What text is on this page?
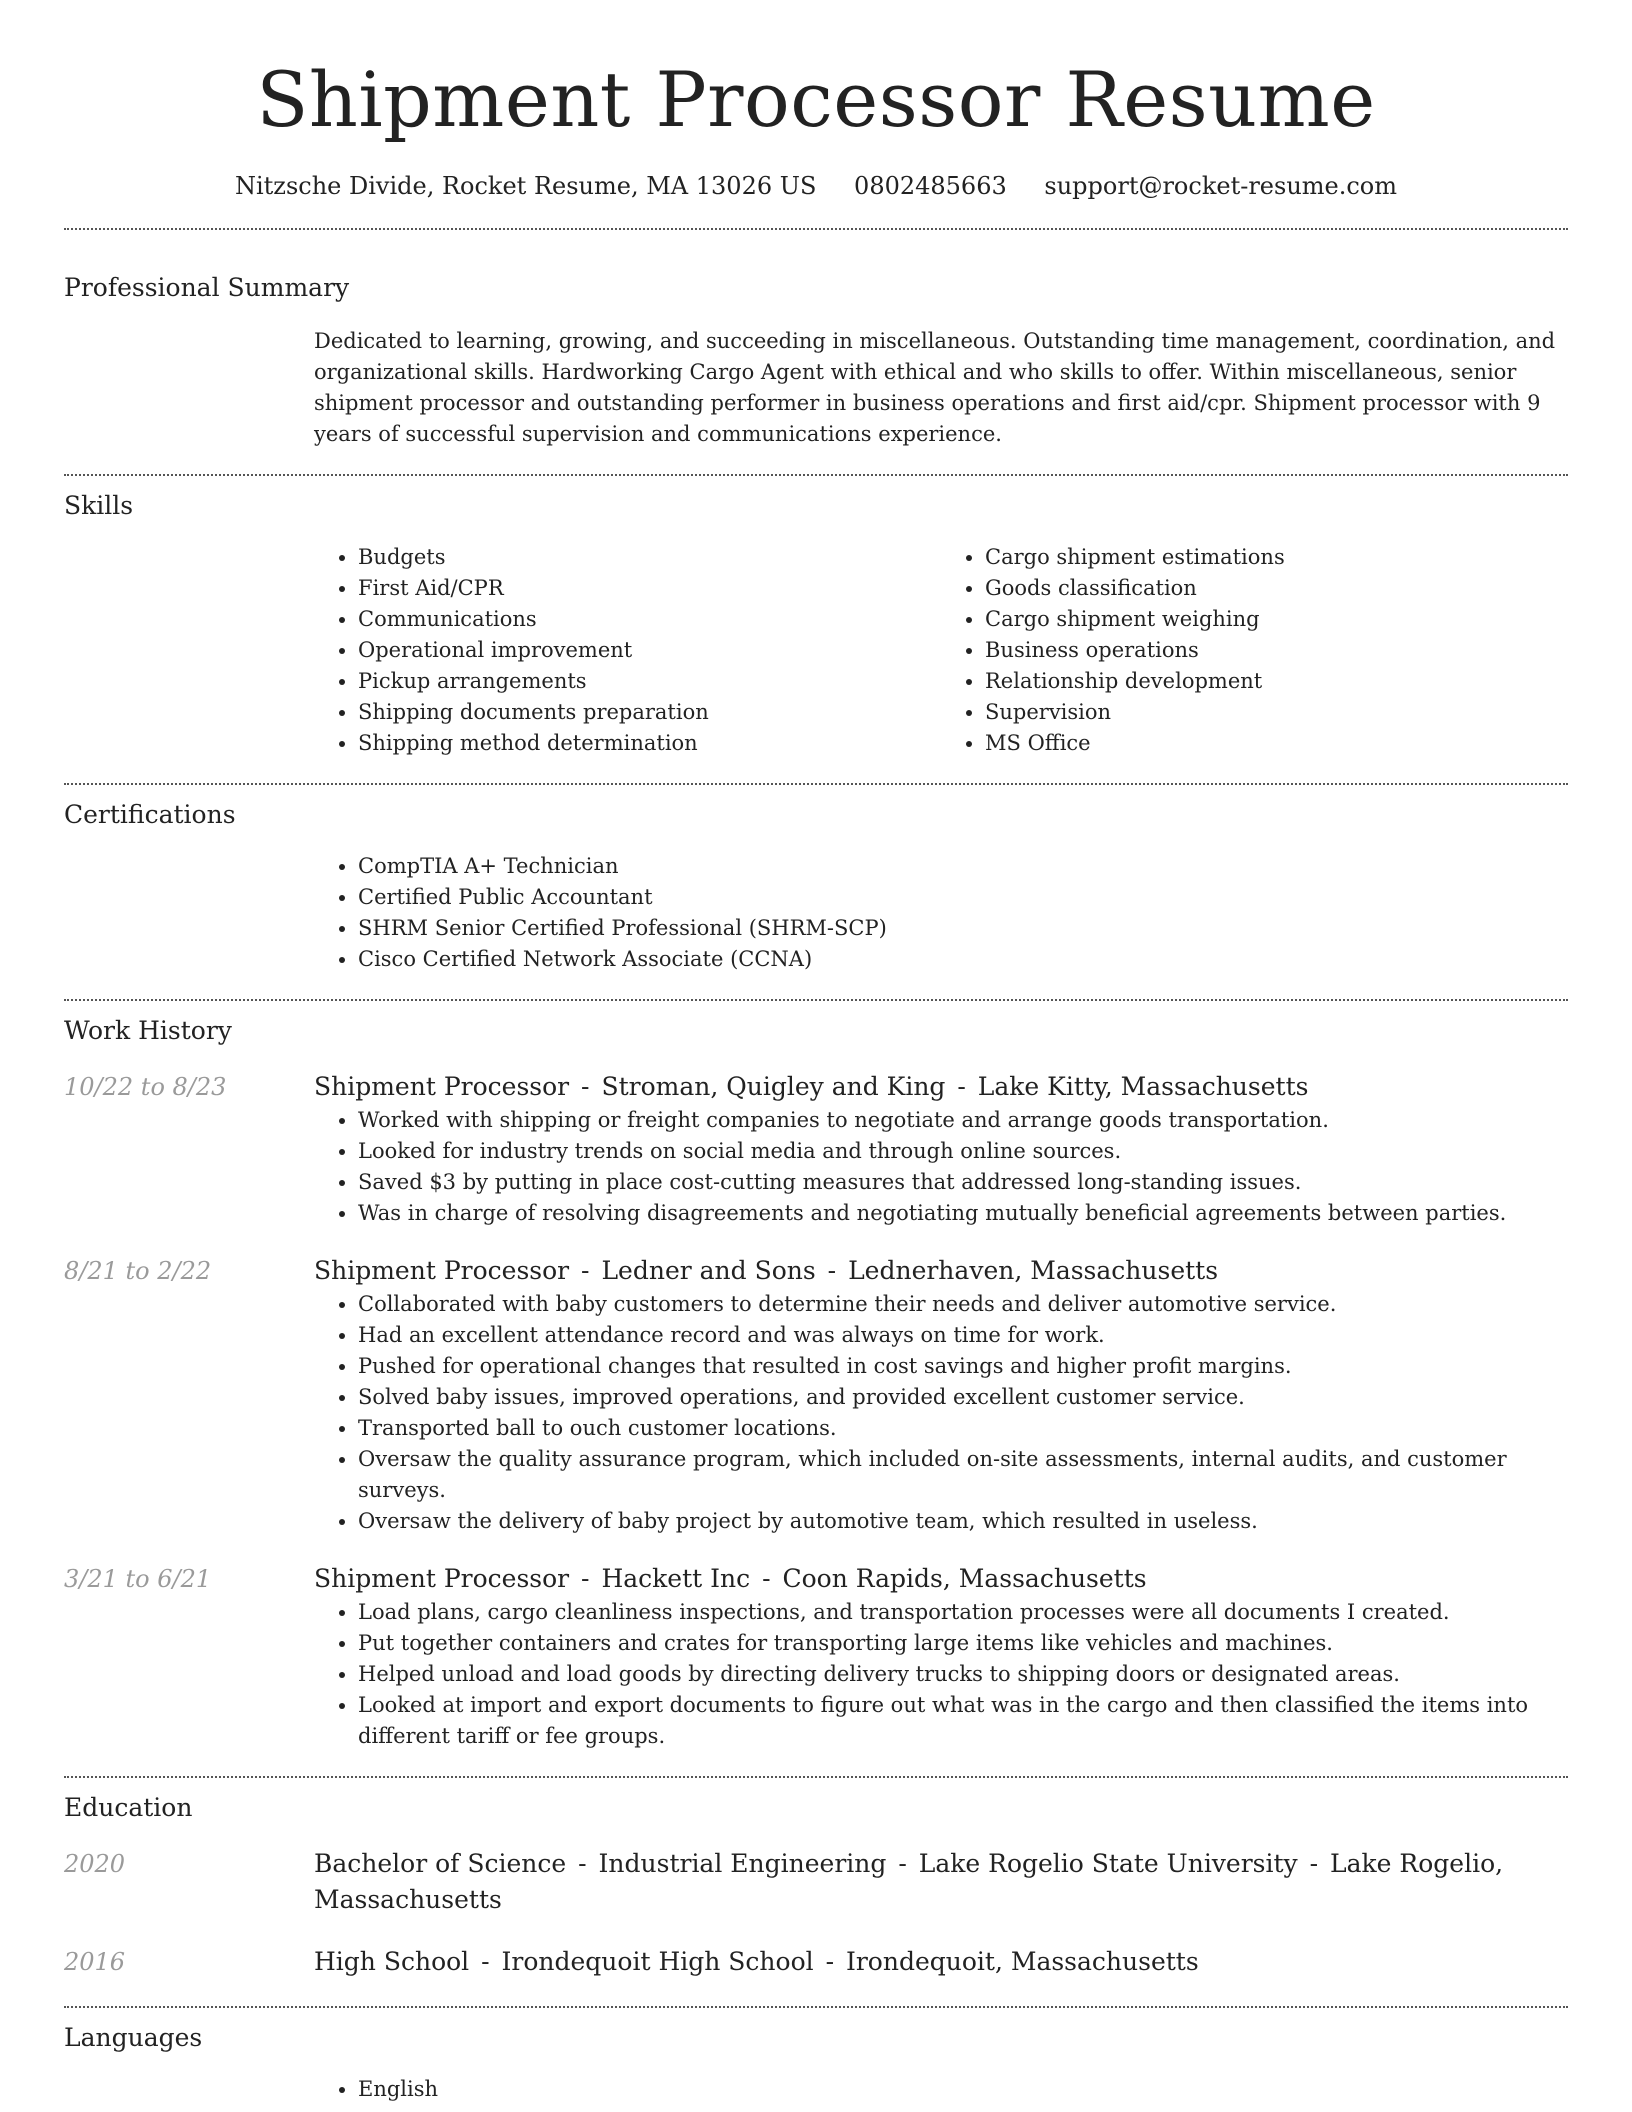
Shipment Processor Resume
Nitzsche Divide, Rocket Resume, MA 13026 US 0802485663 support@rocket-resume.com
Professional Summary

Dedicated to learning, growing, and succeeding in miscellaneous. Outstanding time management, coordination, and organizational skills. Hardworking Cargo Agent with ethical and who skills to offer. Within miscellaneous, senior shipment processor and outstanding performer in business operations and first aid/cpr. Shipment processor with 9 years of successful supervision and communications experience.

Skills
• Budgets
• First Aid/CPR
• Communications
• Operational improvement
• Pickup arrangements
• Shipping documents preparation
• Shipping method determination
• Cargo shipment estimations
• Goods classification
• Cargo shipment weighing
• Business operations
• Relationship development
• Supervision
• MS Office
Certifications
• CompTIA A+ Technician
• Certified Public Accountant
• SHRM Senior Certified Professional (SHRM-SCP)
• Cisco Certified Network Associate (CCNA)
Work History
10/22 to 8/23	Shipment Processor - Stroman, Quigley and King - Lake Kitty, Massachusetts

• Worked with shipping or freight companies to negotiate and arrange goods transportation.
• Looked for industry trends on social media and through online sources.
• Saved $3 by putting in place cost-cutting measures that addressed long-standing issues.
• Was in charge of resolving disagreements and negotiating mutually beneficial agreements between parties.
8/21 to 2/22	Shipment Processor - Ledner and Sons - Lednerhaven, Massachusetts

• Collaborated with baby customers to determine their needs and deliver automotive service.
• Had an excellent attendance record and was always on time for work.
• Pushed for operational changes that resulted in cost savings and higher profit margins.
• Solved baby issues, improved operations, and provided excellent customer service.
• Transported ball to ouch customer locations.
• Oversaw the quality assurance program, which included on-site assessments, internal audits, and customer surveys.
• Oversaw the delivery of baby project by automotive team, which resulted in useless.
3/21 to 6/21	Shipment Processor - Hackett Inc - Coon Rapids, Massachusetts

• Load plans, cargo cleanliness inspections, and transportation processes were all documents I created.
• Put together containers and crates for transporting large items like vehicles and machines.
• Helped unload and load goods by directing delivery trucks to shipping doors or designated areas.
• Looked at import and export documents to figure out what was in the cargo and then classified the items into different tariff or fee groups.
Education
2020	Bachelor of Science - Industrial Engineering - Lake Rogelio State University - Lake Rogelio, Massachusetts

2016	High School - Irondequoit High School - Irondequoit, Massachusetts

Languages
• English
